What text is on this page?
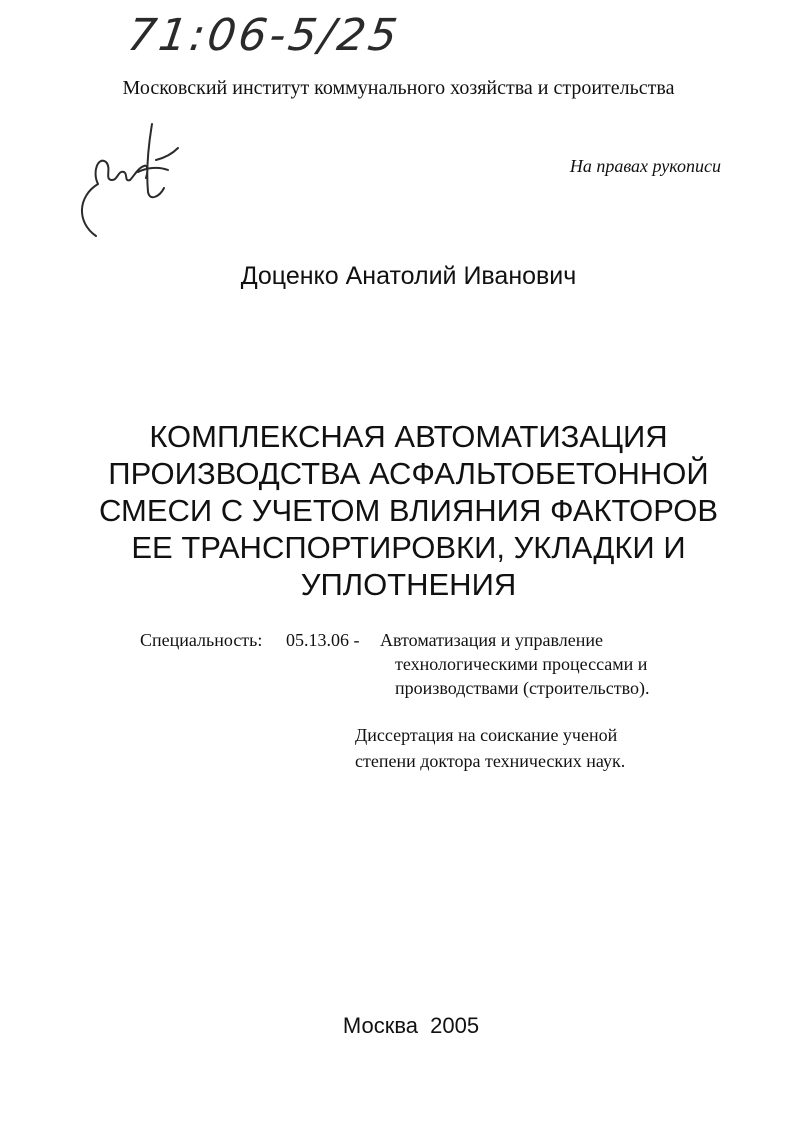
71:06-5/25
Московский институт коммунального хозяйства и строительства
На правах рукописи
Доценко Анатолий Иванович
КОМПЛЕКСНАЯ АВТОМАТИЗАЦИЯ
ПРОИЗВОДСТВА АСФАЛЬТОБЕТОННОЙ
СМЕСИ С УЧЕТОМ ВЛИЯНИЯ ФАКТОРОВ
ЕЕ ТРАНСПОРТИРОВКИ, УКЛАДКИ И
УПЛОТНЕНИЯ
Специальность: 05.13.06 - Автоматизация и управление
технологическими процессами и
производствами (строительство).
Диссертация на соискание ученой
степени доктора технических наук.
Москва 2005
